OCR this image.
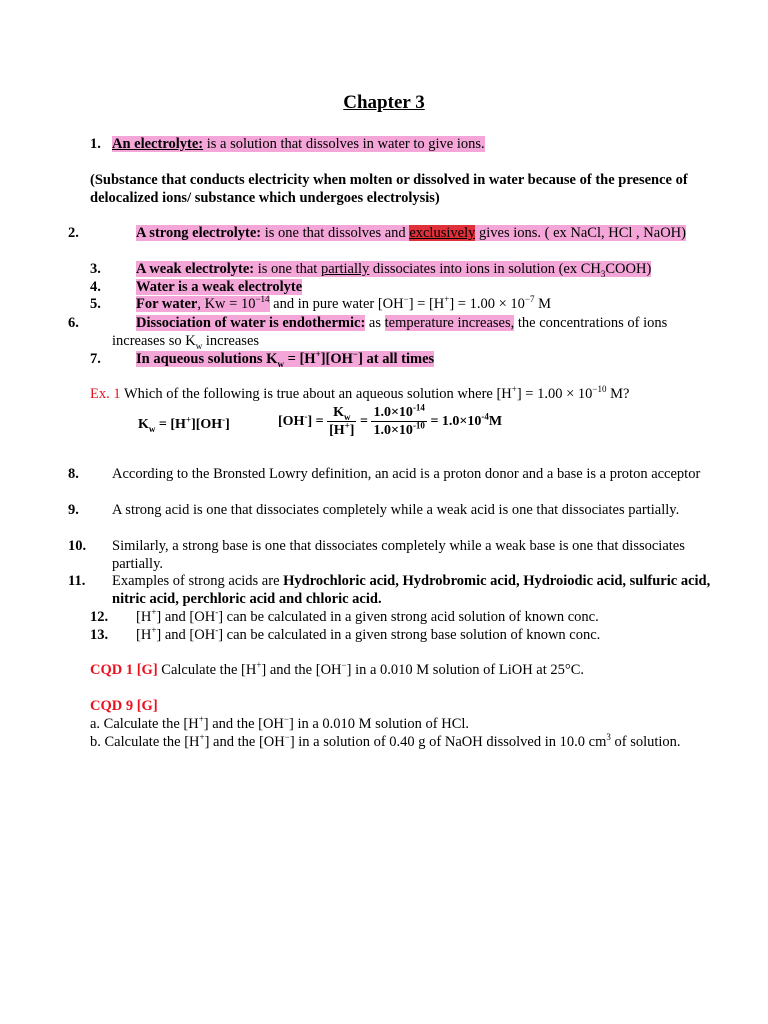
Chapter 3
1. An electrolyte: is a solution that dissolves in water to give ions.
(Substance that conducts electricity when molten or dissolved in water because of the presence of delocalized ions/ substance which undergoes electrolysis)
2.	A strong electrolyte: is one that dissolves and exclusively gives ions. ( ex NaCl, HCl , NaOH)
3. A weak electrolyte: is one that partially dissociates into ions in solution (ex $CH_3COOH$)
4. Water is a weak electrolyte
5. For water, $Kw = 10^{-14}$ and in pure water $[OH^-] = [H^+] = 1.00 \times 10^{-7}$ M
6.	Dissociation of water is endothermic: as temperature increases, the concentrations of ions increases so $K_w$ increases
7. In aqueous solutions $K_w = [H^+][OH^-]$ at all times
Ex. 1 Which of the following is true about an aqueous solution where $[H^+] = 1.00 \times 10^{-10}$ M?
$K_w = [H^+][OH^-]$	$[OH^-] = \frac{K_w}{[H^+]} = \frac{1.0\times 10^{-14}}{1.0\times 10^{-10}} = 1.0\times 10^{-4}M$
8. According to the Bronsted Lowry definition, an acid is a proton donor and a base is a proton acceptor
9. A strong acid is one that dissociates completely while a weak acid is one that dissociates partially.
10. Similarly, a strong base is one that dissociates completely while a weak base is one that dissociates partially.
11. Examples of strong acids are Hydrochloric acid, Hydrobromic acid, Hydroiodic acid, sulfuric acid, nitric acid, perchloric acid and chloric acid.
12. [H+] and [OH-] can be calculated in a given strong acid solution of known conc.
13. [H+] and [OH-] can be calculated in a given strong base solution of known conc.
CQD 1 [G] Calculate the [H+] and the [OH−] in a 0.010 M solution of LiOH at 25°C.
CQD 9 [G]
a. Calculate the [H+] and the [OH−] in a 0.010 M solution of HCl.
b. Calculate the [H+] and the [OH−] in a solution of 0.40 g of NaOH dissolved in 10.0 $cm^3$ of solution.
